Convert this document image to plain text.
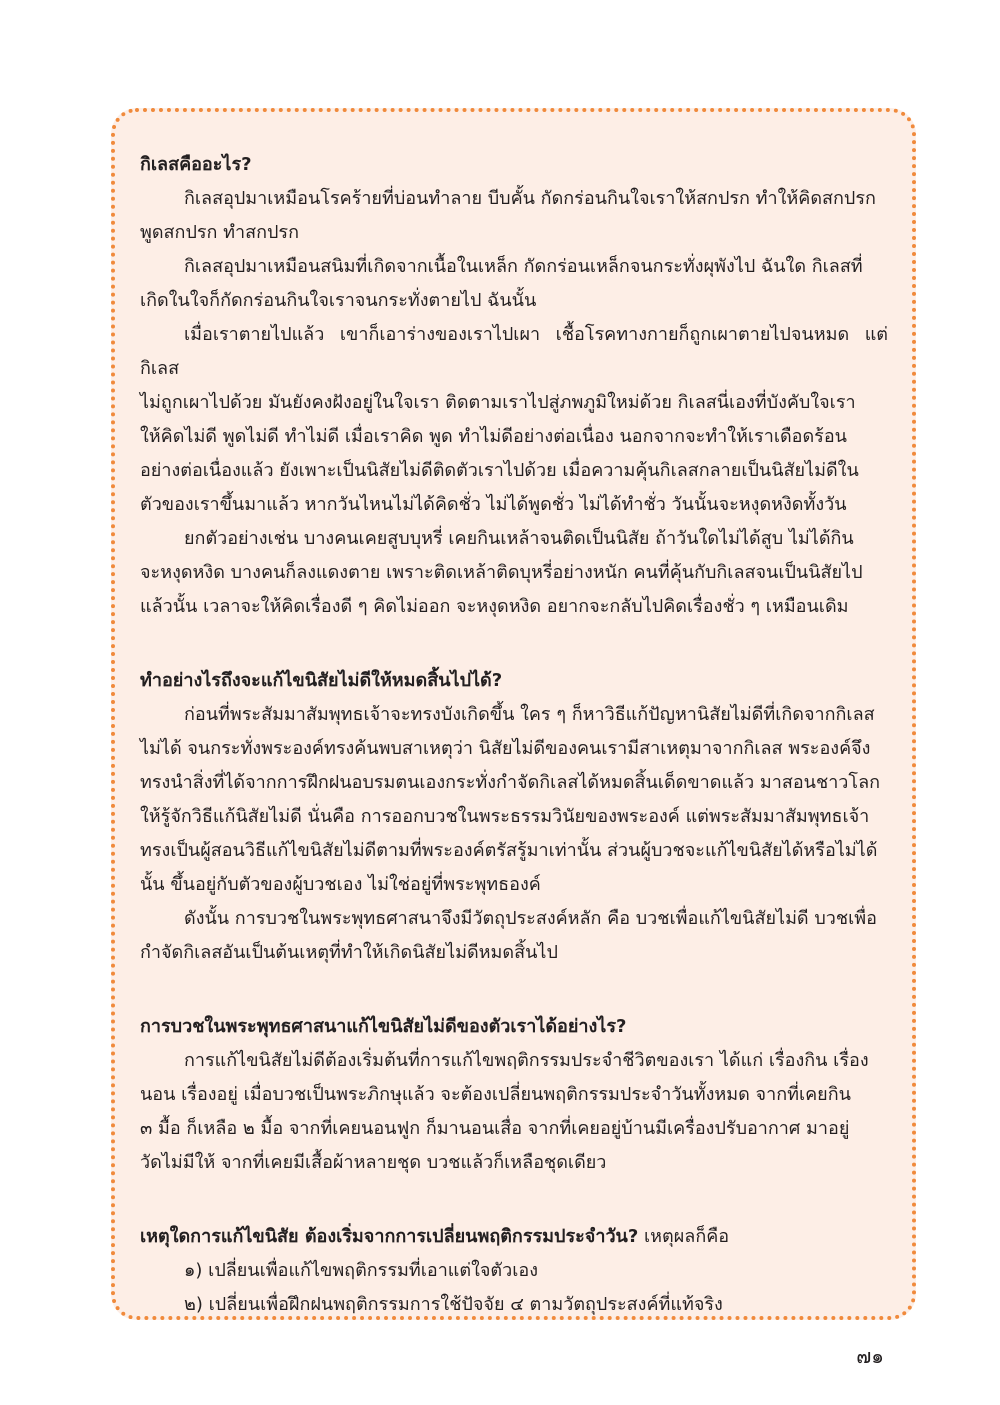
กิเลสคืออะไร?

กิเลสอุปมาเหมือนโรคร้ายที่บ่อนทำลาย บีบคั้น กัดกร่อนกินใจเราให้สกปรก ทำให้คิดสกปรก
พูดสกปรก ทำสกปรก

กิเลสอุปมาเหมือนสนิมที่เกิดจากเนื้อในเหล็ก กัดกร่อนเหล็กจนกระทั่งผุพังไป ฉันใด กิเลสที่
เกิดในใจก็กัดกร่อนกินใจเราจนกระทั่งตายไป ฉันนั้น

เมื่อเราตายไปแล้ว เขาก็เอาร่างของเราไปเผา เชื้อโรคทางกายก็ถูกเผาตายไปจนหมด แต่กิเลส
ไม่ถูกเผาไปด้วย มันยังคงฝังอยู่ในใจเรา ติดตามเราไปสู่ภพภูมิใหม่ด้วย กิเลสนี่เองที่บังคับใจเรา
ให้คิดไม่ดี พูดไม่ดี ทำไม่ดี เมื่อเราคิด พูด ทำไม่ดีอย่างต่อเนื่อง นอกจากจะทำให้เราเดือดร้อน
อย่างต่อเนื่องแล้ว ยังเพาะเป็นนิสัยไม่ดีติดตัวเราไปด้วย เมื่อความคุ้นกิเลสกลายเป็นนิสัยไม่ดีใน
ตัวของเราขึ้นมาแล้ว หากวันไหนไม่ได้คิดชั่ว ไม่ได้พูดชั่ว ไม่ได้ทำชั่ว วันนั้นจะหงุดหงิดทั้งวัน

ยกตัวอย่างเช่น บางคนเคยสูบบุหรี่ เคยกินเหล้าจนติดเป็นนิสัย ถ้าวันใดไม่ได้สูบ ไม่ได้กิน
จะหงุดหงิด บางคนก็ลงแดงตาย เพราะติดเหล้าติดบุหรี่อย่างหนัก คนที่คุ้นกับกิเลสจนเป็นนิสัยไป
แล้วนั้น เวลาจะให้คิดเรื่องดี ๆ คิดไม่ออก จะหงุดหงิด อยากจะกลับไปคิดเรื่องชั่ว ๆ เหมือนเดิม

ทำอย่างไรถึงจะแก้ไขนิสัยไม่ดีให้หมดสิ้นไปได้?

ก่อนที่พระสัมมาสัมพุทธเจ้าจะทรงบังเกิดขึ้น ใคร ๆ ก็หาวิธีแก้ปัญหานิสัยไม่ดีที่เกิดจากกิเลส
ไม่ได้ จนกระทั่งพระองค์ทรงค้นพบสาเหตุว่า นิสัยไม่ดีของคนเรามีสาเหตุมาจากกิเลส พระองค์จึง
ทรงนำสิ่งที่ได้จากการฝึกฝนอบรมตนเองกระทั่งกำจัดกิเลสได้หมดสิ้นเด็ดขาดแล้ว มาสอนชาวโลก
ให้รู้จักวิธีแก้นิสัยไม่ดี นั่นคือ การออกบวชในพระธรรมวินัยของพระองค์ แต่พระสัมมาสัมพุทธเจ้า
ทรงเป็นผู้สอนวิธีแก้ไขนิสัยไม่ดีตามที่พระองค์ตรัสรู้มาเท่านั้น ส่วนผู้บวชจะแก้ไขนิสัยได้หรือไม่ได้
นั้น ขึ้นอยู่กับตัวของผู้บวชเอง ไม่ใช่อยู่ที่พระพุทธองค์

ดังนั้น การบวชในพระพุทธศาสนาจึงมีวัตถุประสงค์หลัก คือ บวชเพื่อแก้ไขนิสัยไม่ดี บวชเพื่อ
กำจัดกิเลสอันเป็นต้นเหตุที่ทำให้เกิดนิสัยไม่ดีหมดสิ้นไป

การบวชในพระพุทธศาสนาแก้ไขนิสัยไม่ดีของตัวเราได้อย่างไร?

การแก้ไขนิสัยไม่ดีต้องเริ่มต้นที่การแก้ไขพฤติกรรมประจำชีวิตของเรา ได้แก่ เรื่องกิน เรื่อง
นอน เรื่องอยู่ เมื่อบวชเป็นพระภิกษุแล้ว จะต้องเปลี่ยนพฤติกรรมประจำวันทั้งหมด จากที่เคยกิน
๓ มื้อ ก็เหลือ ๒ มื้อ จากที่เคยนอนฟูก ก็มานอนเสื่อ จากที่เคยอยู่บ้านมีเครื่องปรับอากาศ มาอยู่
วัดไม่มีให้ จากที่เคยมีเสื้อผ้าหลายชุด บวชแล้วก็เหลือชุดเดียว

เหตุใดการแก้ไขนิสัย ต้องเริ่มจากการเปลี่ยนพฤติกรรมประจำวัน? เหตุผลก็คือ

๑) เปลี่ยนเพื่อแก้ไขพฤติกรรมที่เอาแต่ใจตัวเอง

๒) เปลี่ยนเพื่อฝึกฝนพฤติกรรมการใช้ปัจจัย ๔ ตามวัตถุประสงค์ที่แท้จริง

๗๑
